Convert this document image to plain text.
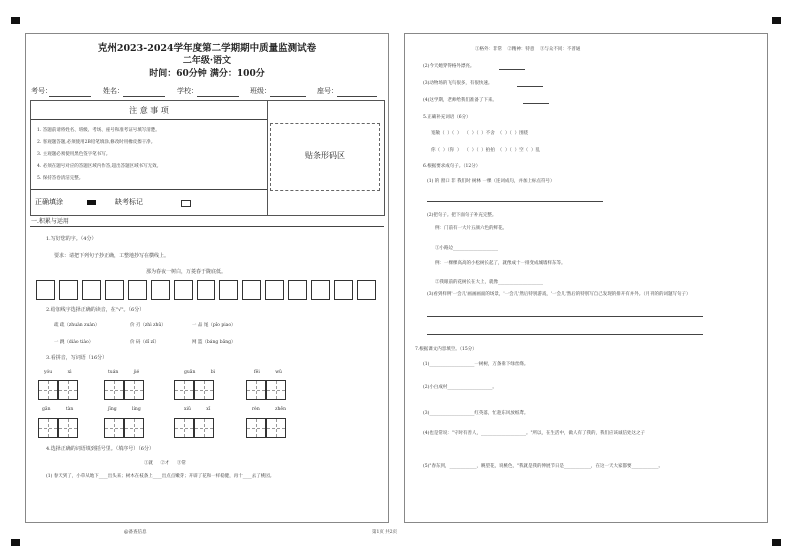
克州2023-2024学年度第二学期期中质量监测试卷
二年级·语文
时间：60分钟 满分：100分
考号：	姓名：	学校：	班级：	座号：
注 意 事 项
1. 答题前请将姓名、班级、考场、座号和准考证号填写清楚。
2. 客观题答题,必须使用2B铅笔填涂,修改时用橡皮擦干净。
3. 主观题必须使用黑色签字笔书写。
4. 必须在题号对应的答题区域内作答,超出答题区域书写无效。
5. 保持答卷清洁完整。
正确填涂	缺考标记
贴条形码区
一.积累与运用
1.写好您的字。（4分）
要求：请把下列句子抄正确，工整地抄写在横线上。
那为春夜一树白，万菱春于陇底低。
2.给加线字选择正确的读音，在"√"。（6分）
疏 疏（zhuàn zuàn）	价 刃（zhì zhǔ）	一 品 尾（pǐo piao）
一 跳（diào tiào）	价 码（dǐ zǐ）	网 篮（báng bǎng）
3.看拼音，写词语（16分）
yóu xì	tuán jié	guān bì	fēi wǔ
gǎn tàn	jīng líng	xiū xī	rèn zhēn
4.选择正确的词语填到括号里。（填序号）（6分）
①就 ②才 ③常
(1) 春天到了，小草从地下____出头来；树木在枝条上____出点点嫩芽；开辟了花和一样稳健，再十____去了桃园。
①格外：非常 ②精神：特意 ③与众不同：不普通
(2)今天她穿得格外漂亮。
(3)动物场的飞鸟很多，有很快速。
(4)这学期，老师给我们准备了下来。
5.正确补充词语（6分）
宽敞（  ）（  ）  （  ）（  ）不舍  （  ）（  ）围绕
你（  ）（你  ）  （  ）（  ）拍拍  （  ）（  ）空（  ）乱
6.根据要求成句子。（12分）
(1) 的 窗口 非 我们时 树林 一棵（连词成句，并加上标点符号）
(2)把句子。把下面句子补充完整。
例：门前有一大片五颜六色的鲜花。
①小路边____________________
例：一棵棵高高的小松树长起了，就像成十一排变成城墙样东等。
②我眼前的花树长在大上，就像____________________
(3)看到样例'一会儿'画画画面的场景，'一会儿'然后特别游戏，'一会儿'然后的特别写自己发现的排开有并外。（月刊的的词题写句子）
7.根据课文内容填空。（15分）
(1)____________________一树树，万条垂下绿丝绦。
(2)小白成村____________________。
(3)____________________红英落，忙趁东风放纸鸢。
(4)也是常说："守时有善人，____________________。"所以，在生活中，做人有了我的，我们应该诚信处这之子
(5)"春东到，____________，眺望花，说桃色，"我就是我的伸展节日是____________，在这一天大家都要____________。
@备查信息	第1页 共2页
